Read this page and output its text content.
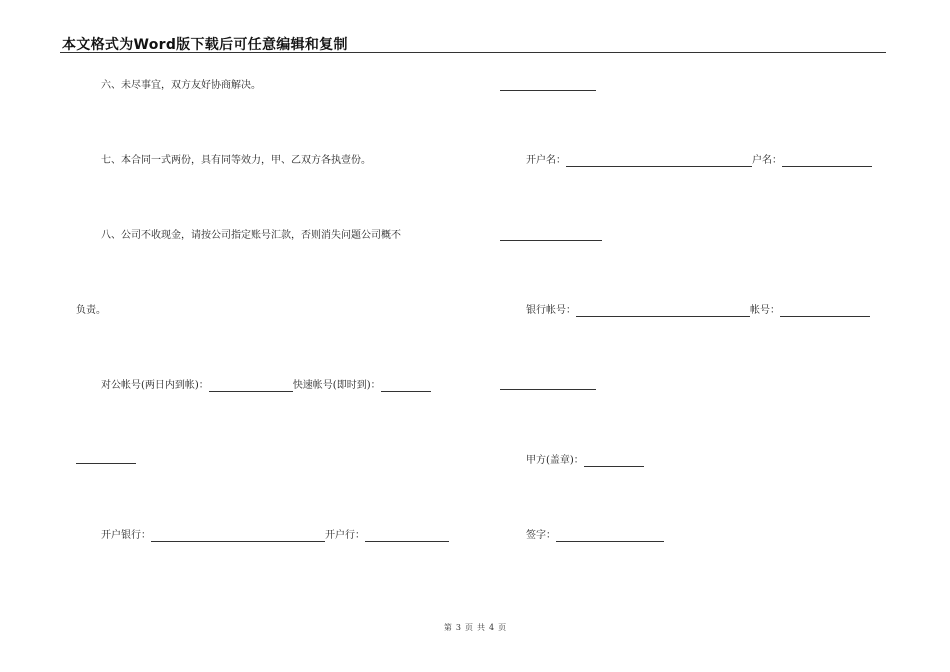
本文格式为Word版下载后可任意编辑和复制
六、未尽事宜，双方友好协商解决。
七、本合同一式两份，具有同等效力，甲、乙双方各执壹份。
八、公司不收现金，请按公司指定账号汇款，否则消失问题公司概不
负责。
对公帐号(两日内到帐)：	快速帐号(即时到)：
开户银行：	开户行：
开户名：	户名：
银行帐号：	帐号：
甲方(盖章)：
签字：
第 3 页 共 4 页
